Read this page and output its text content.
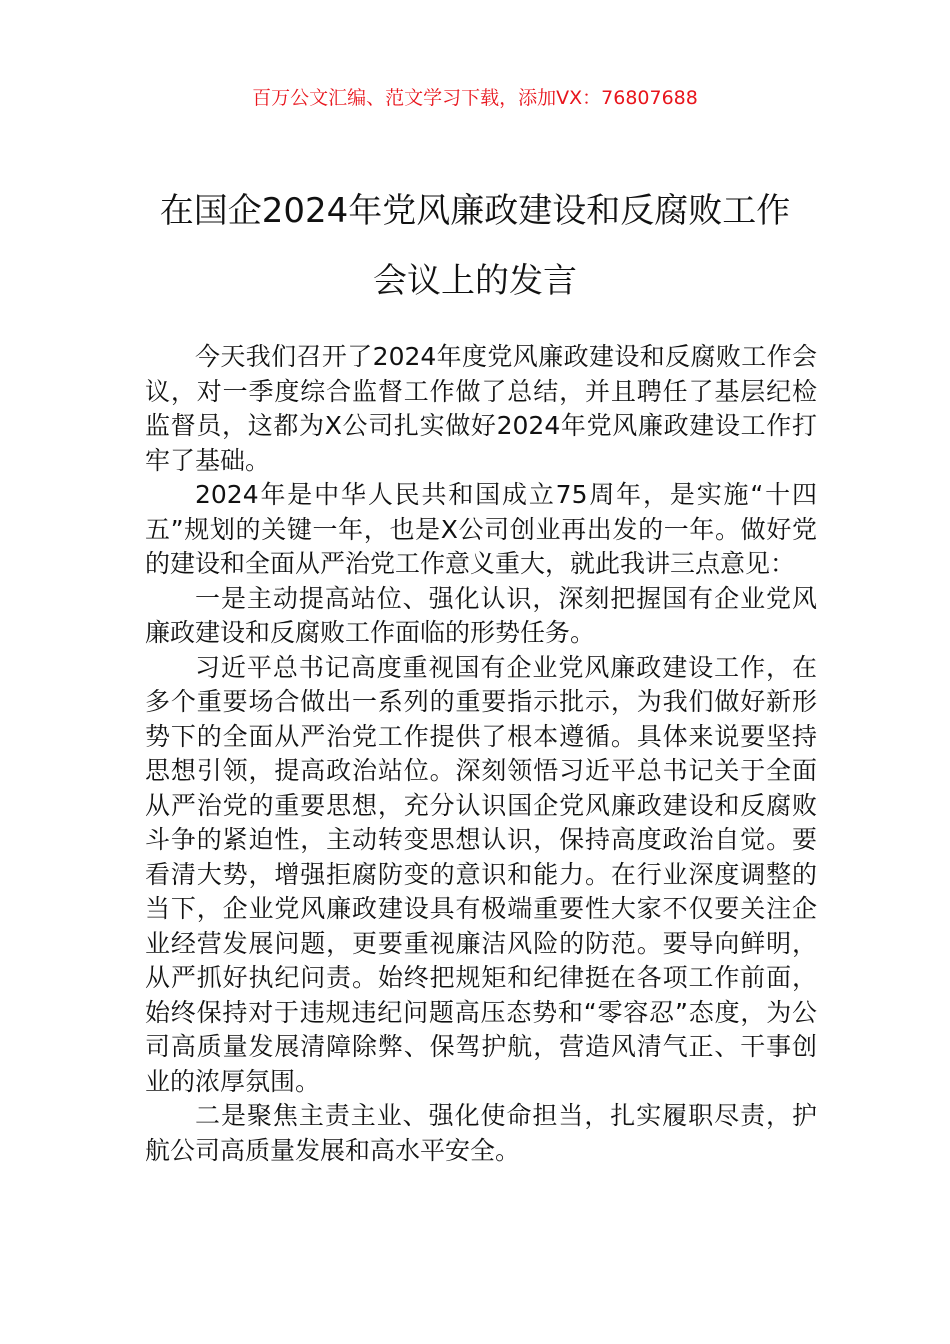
百万公文汇编、范文学习下载，添加VX：76807688
在国企2024年党风廉政建设和反腐败工作
会议上的发言

今天我们召开了2024年度党风廉政建设和反腐败工作会议，对一季度综合监督工作做了总结，并且聘任了基层纪检监督员，这都为X公司扎实做好2024年党风廉政建设工作打牢了基础。

2024年是中华人民共和国成立75周年，是实施“十四五”规划的关键一年，也是X公司创业再出发的一年。做好党的建设和全面从严治党工作意义重大，就此我讲三点意见：

一是主动提高站位、强化认识，深刻把握国有企业党风廉政建设和反腐败工作面临的形势任务。

习近平总书记高度重视国有企业党风廉政建设工作，在多个重要场合做出一系列的重要指示批示，为我们做好新形势下的全面从严治党工作提供了根本遵循。具体来说要坚持思想引领，提高政治站位。深刻领悟习近平总书记关于全面从严治党的重要思想，充分认识国企党风廉政建设和反腐败斗争的紧迫性，主动转变思想认识，保持高度政治自觉。要看清大势，增强拒腐防变的意识和能力。在行业深度调整的当下，企业党风廉政建设具有极端重要性大家不仅要关注企业经营发展问题，更要重视廉洁风险的防范。要导向鲜明，从严抓好执纪问责。始终把规矩和纪律挺在各项工作前面，始终保持对于违规违纪问题高压态势和“零容忍”态度，为公司高质量发展清障除弊、保驾护航，营造风清气正、干事创业的浓厚氛围。

二是聚焦主责主业、强化使命担当，扎实履职尽责，护航公司高质量发展和高水平安全。
